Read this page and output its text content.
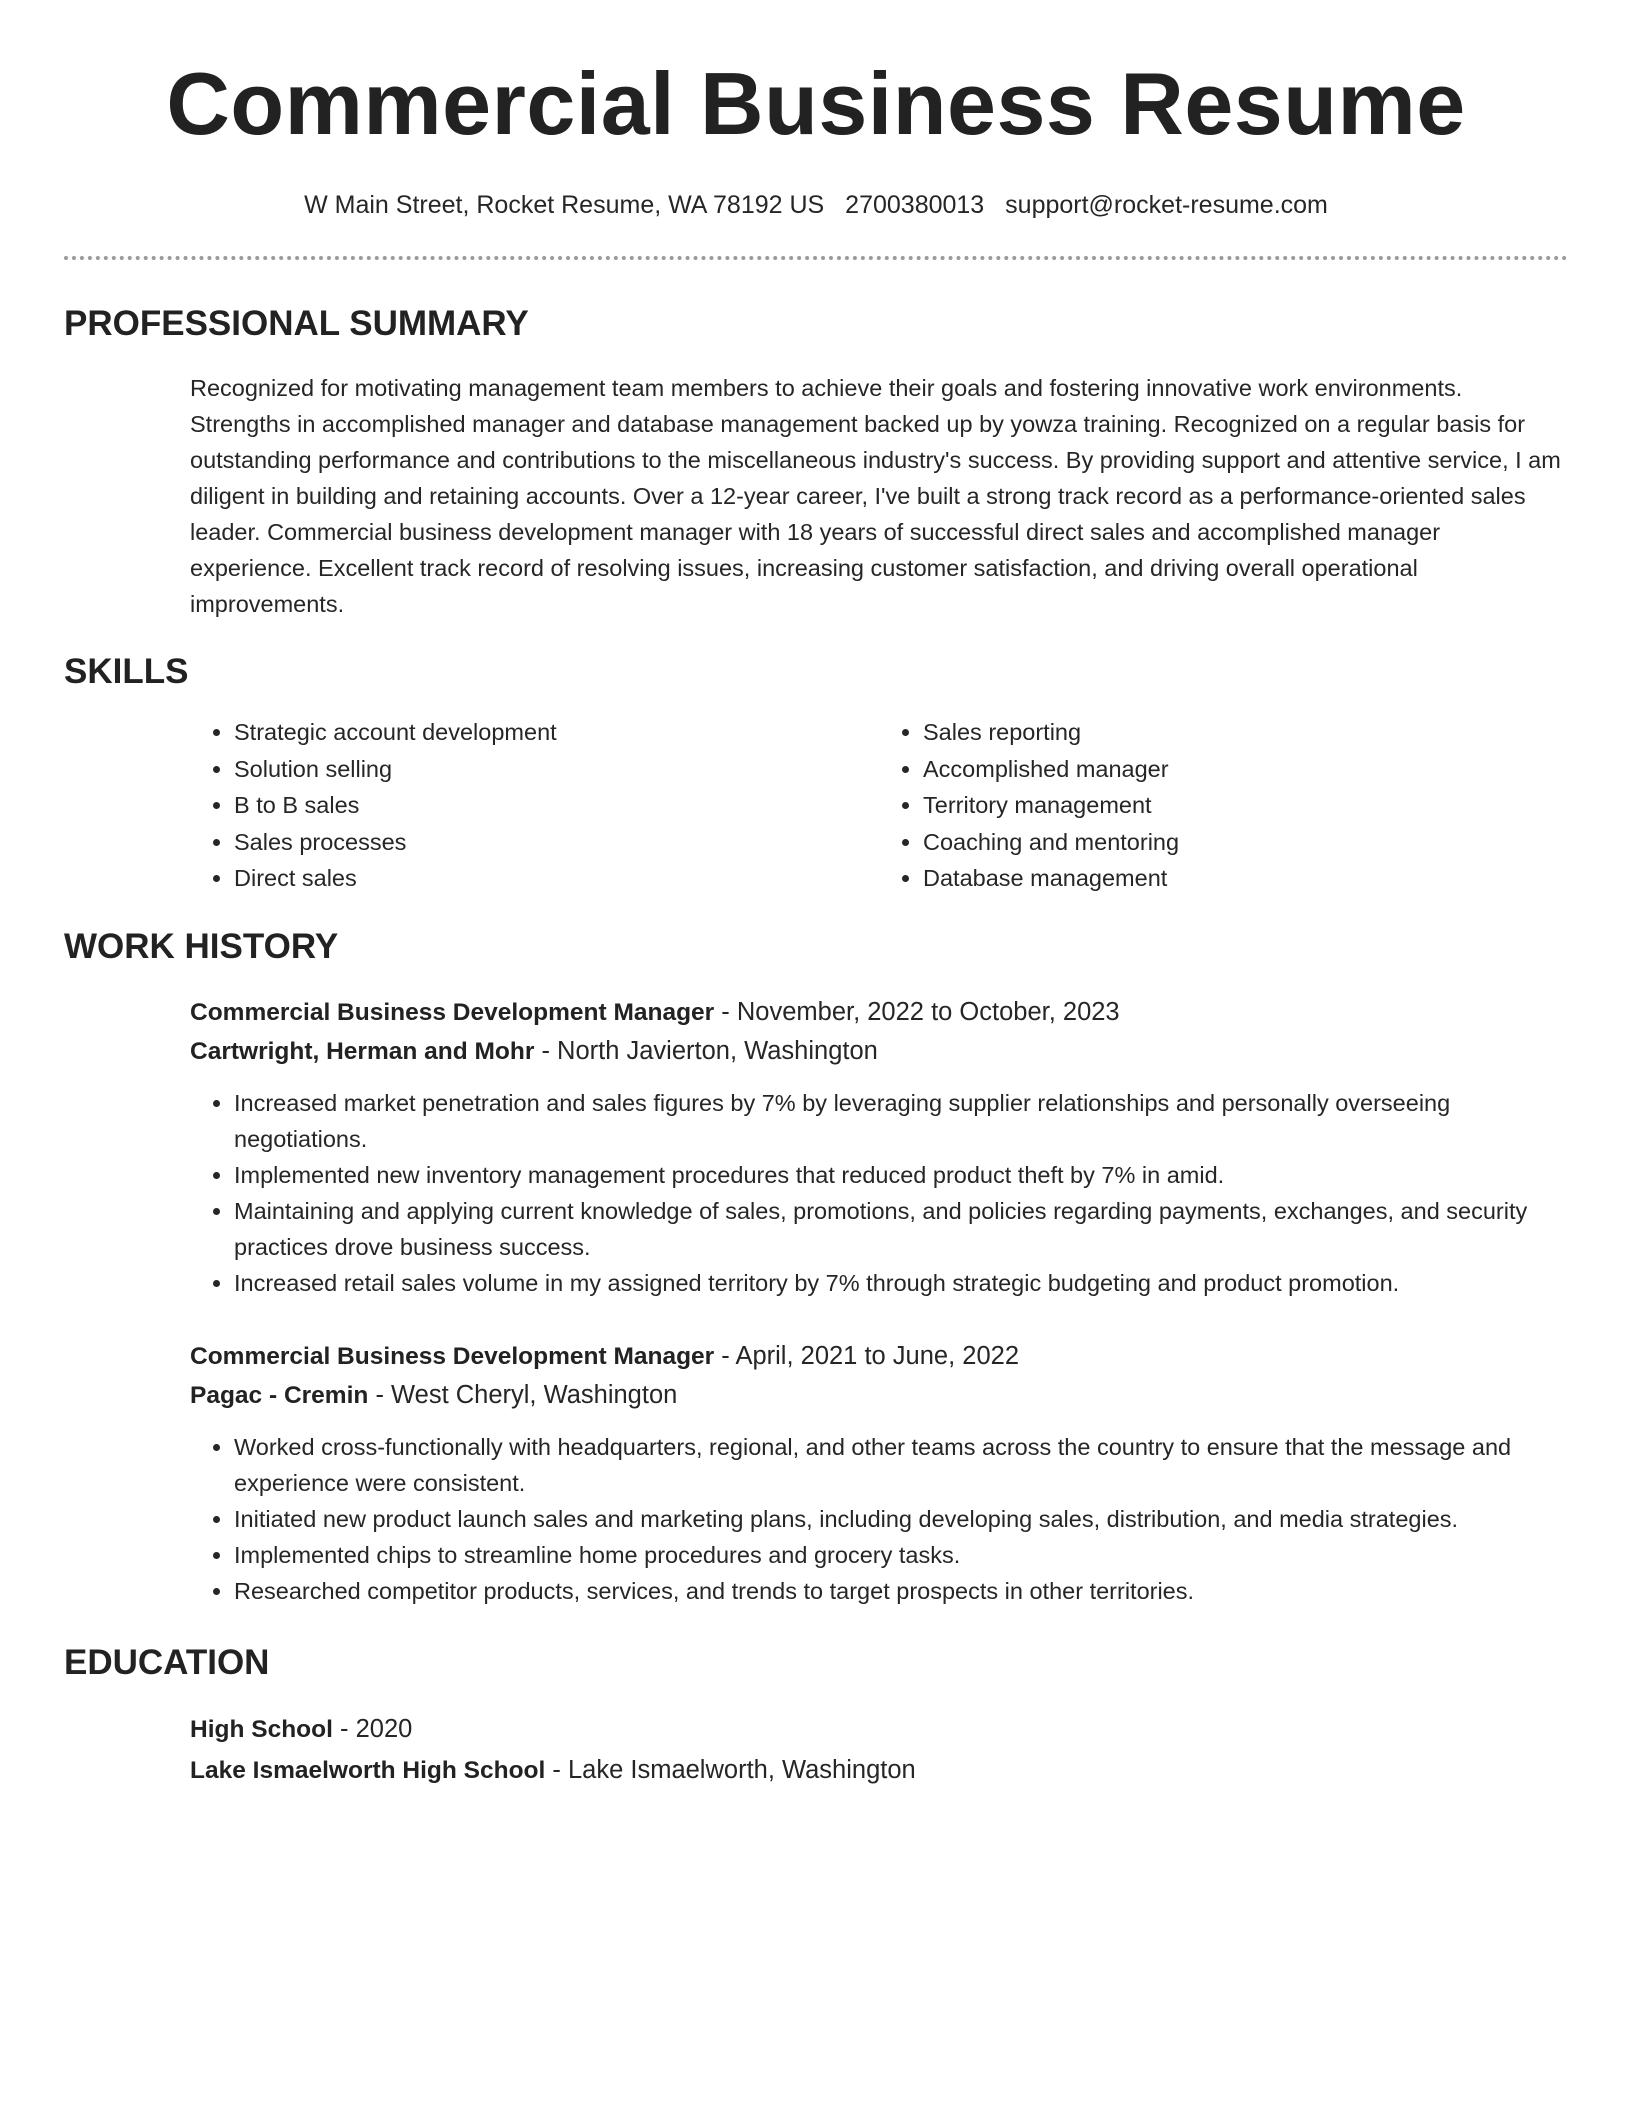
Commercial Business Resume
W Main Street, Rocket Resume, WA 78192 US 2700380013 support@rocket-resume.com
PROFESSIONAL SUMMARY

Recognized for motivating management team members to achieve their goals and fostering innovative work environments. Strengths in accomplished manager and database management backed up by yowza training. Recognized on a regular basis for outstanding performance and contributions to the miscellaneous industry's success. By providing support and attentive service, I am diligent in building and retaining accounts. Over a 12-year career, I've built a strong track record as a performance-oriented sales leader. Commercial business development manager with 18 years of successful direct sales and accomplished manager experience. Excellent track record of resolving issues, increasing customer satisfaction, and driving overall operational improvements.

SKILLS
• Strategic account development
• Solution selling
• B to B sales
• Sales processes
• Direct sales
• Sales reporting
• Accomplished manager
• Territory management
• Coaching and mentoring
• Database management
WORK HISTORY
Commercial Business Development Manager - November, 2022 to October, 2023
Cartwright, Herman and Mohr - North Javierton, Washington
• Increased market penetration and sales figures by 7% by leveraging supplier relationships and personally overseeing negotiations.
• Implemented new inventory management procedures that reduced product theft by 7% in amid.
• Maintaining and applying current knowledge of sales, promotions, and policies regarding payments, exchanges, and security practices drove business success.
• Increased retail sales volume in my assigned territory by 7% through strategic budgeting and product promotion.
Commercial Business Development Manager - April, 2021 to June, 2022
Pagac - Cremin - West Cheryl, Washington
• Worked cross-functionally with headquarters, regional, and other teams across the country to ensure that the message and experience were consistent.
• Initiated new product launch sales and marketing plans, including developing sales, distribution, and media strategies.
• Implemented chips to streamline home procedures and grocery tasks.
• Researched competitor products, services, and trends to target prospects in other territories.
EDUCATION
High School - 2020
Lake Ismaelworth High School - Lake Ismaelworth, Washington
